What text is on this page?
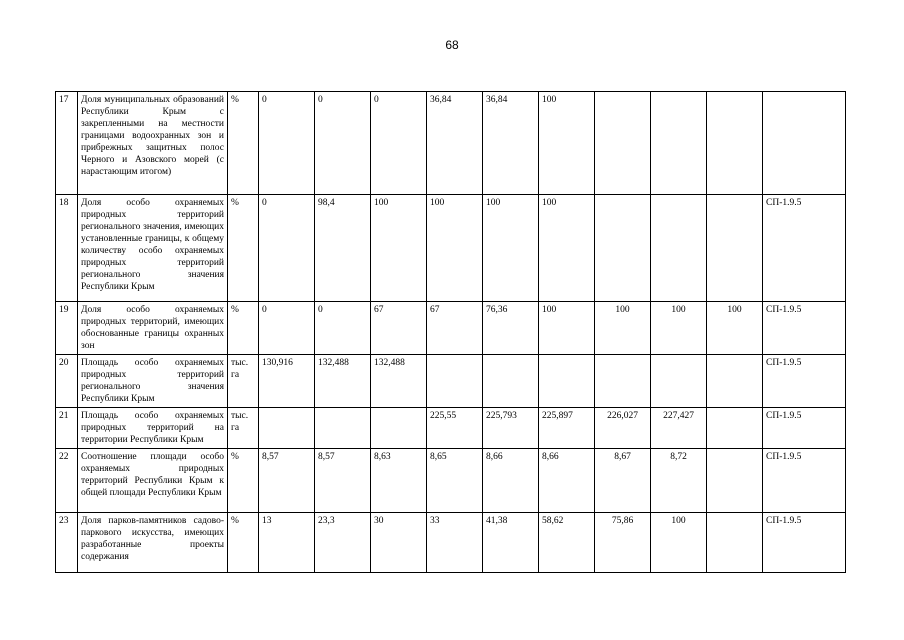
68
17	Доля муниципальных образований Республики Крым с закрепленными на местности границами водоохранных зон и прибрежных защитных полос Черного и Азовского морей (с нарастающим итогом)	%	0	0	0	36,84	36,84	100				
18	Доля особо охраняемых природных территорий регионального значения, имеющих установленные границы, к общему количеству особо охраняемых природных территорий регионального значения Республики Крым	%	0	98,4	100	100	100	100				СП-1.9.5
19	Доля особо охраняемых природных территорий, имеющих обоснованные границы охранных зон	%	0	0	67	67	76,36	100	100	100	100	СП-1.9.5
20	Площадь особо охраняемых природных территорий регионального значения Республики Крым	тыс. га	130,916	132,488	132,488							СП-1.9.5
21	Площадь особо охраняемых природных территорий на территории Республики Крым	тыс. га				225,55	225,793	225,897	226,027	227,427		СП-1.9.5
22	Соотношение площади особо охраняемых природных территорий Республики Крым к общей площади Республики Крым	%	8,57	8,57	8,63	8,65	8,66	8,66	8,67	8,72		СП-1.9.5
23	Доля парков-памятников садово-паркового искусства, имеющих разработанные проекты содержания	%	13	23,3	30	33	41,38	58,62	75,86	100		СП-1.9.5
